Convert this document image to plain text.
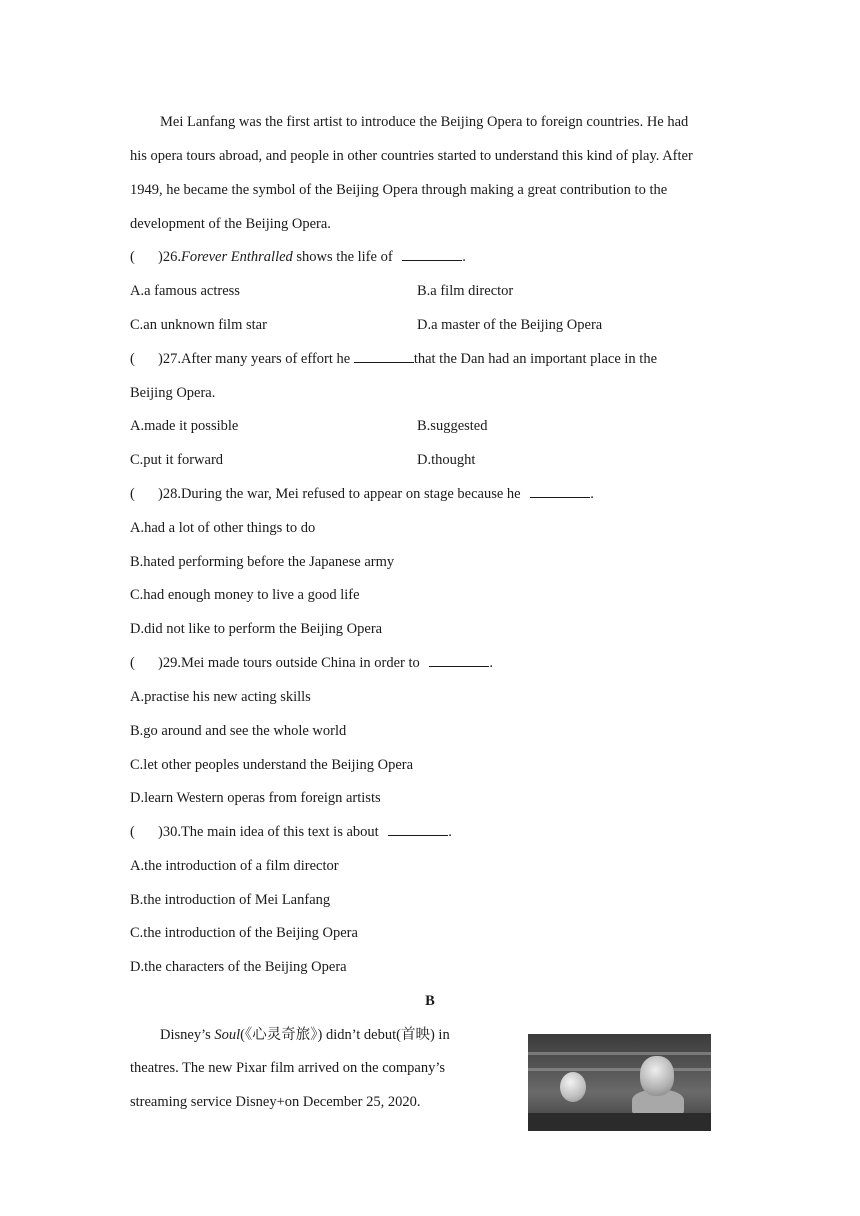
Mei Lanfang was the first artist to introduce the Beijing Opera to foreign countries. He had
his opera tours abroad, and people in other countries started to understand this kind of play. After
1949, he became the symbol of the Beijing Opera through making a great contribution to the
development of the Beijing Opera.
( )26.Forever Enthralled shows the life of	.
A.a famous actress	B.a film director
C.an unknown film star	D.a master of the Beijing Opera
( )27.After many years of effort he	that the Dan had an important place in the
Beijing Opera.
A.made it possible	B.suggested
C.put it forward	D.thought
( )28.During the war, Mei refused to appear on stage because he	.
A.had a lot of other things to do
B.hated performing before the Japanese army
C.had enough money to live a good life
D.did not like to perform the Beijing Opera
( )29.Mei made tours outside China in order to	.
A.practise his new acting skills
B.go around and see the whole world
C.let other peoples understand the Beijing Opera
D.learn Western operas from foreign artists
( )30.The main idea of this text is about	.
A.the introduction of a film director
B.the introduction of Mei Lanfang
C.the introduction of the Beijing Opera
D.the characters of the Beijing Opera
B
Disney’s Soul(《心灵奇旅》) didn’t debut(首映) in
theatres. The new Pixar film arrived on the company’s
streaming service Disney+on December 25, 2020.
